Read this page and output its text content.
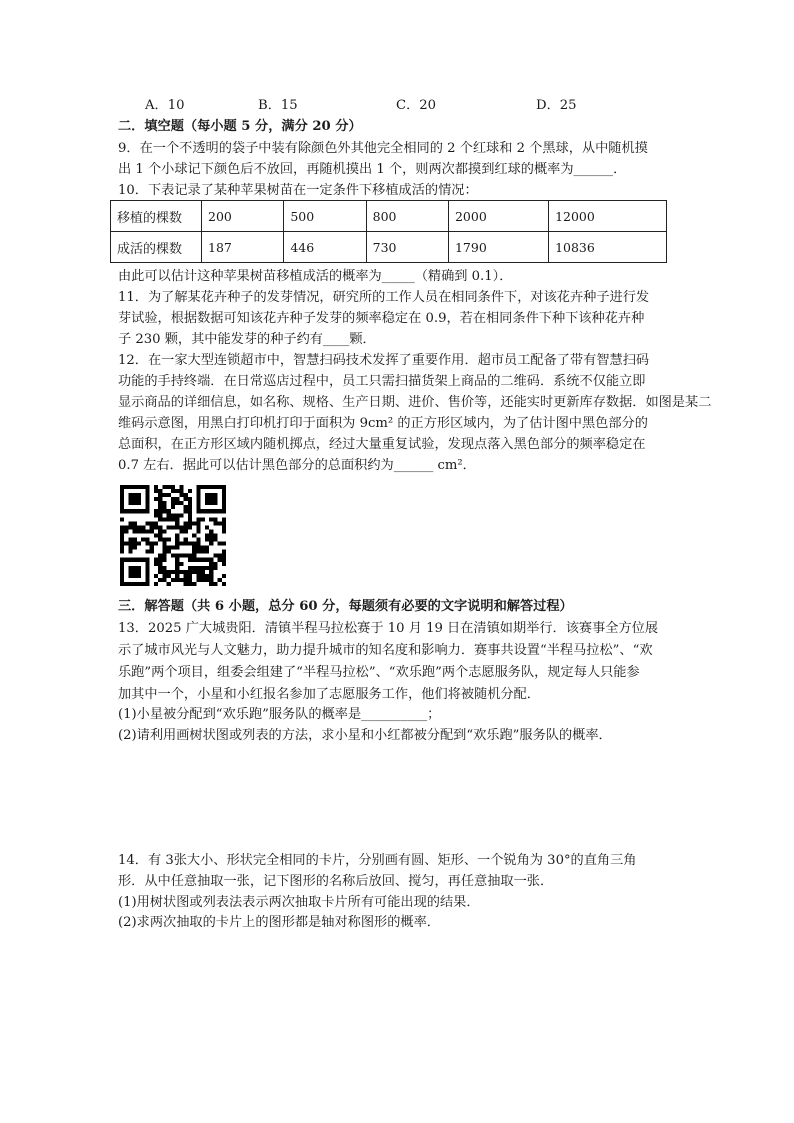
A．10	B．15	C．20	D．25
二．填空题（每小题 5 分，满分 20 分）
9．在一个不透明的袋子中装有除颜色外其他完全相同的 2 个红球和 2 个黑球，从中随机摸
出 1 个小球记下颜色后不放回，再随机摸出 1 个，则两次都摸到红球的概率为______．
10．下表记录了某种苹果树苗在一定条件下移植成活的情况：
移植的棵数	200	500	800	2000	12000
成活的棵数	187	446	730	1790	10836
由此可以估计这种苹果树苗移植成活的概率为_____（精确到 0.1）．
11．为了解某花卉种子的发芽情况，研究所的工作人员在相同条件下，对该花卉种子进行发
芽试验，根据数据可知该花卉种子发芽的频率稳定在 0.9，若在相同条件下种下该种花卉种
子 230 颗，其中能发芽的种子约有____颗．
12．在一家大型连锁超市中，智慧扫码技术发挥了重要作用．超市员工配备了带有智慧扫码
功能的手持终端．在日常巡店过程中，员工只需扫描货架上商品的二维码．系统不仅能立即
显示商品的详细信息，如名称、规格、生产日期、进价、售价等，还能实时更新库存数据．如图是某二
维码示意图，用黑白打印机打印于面积为 9cm² 的正方形区域内，为了估计图中黑色部分的
总面积，在正方形区域内随机掷点，经过大量重复试验，发现点落入黑色部分的频率稳定在
0.7 左右．据此可以估计黑色部分的总面积约为______ cm²．
三．解答题（共 6 小题，总分 60 分，每题须有必要的文字说明和解答过程）
13．2025 广大城贵阳．清镇半程马拉松赛于 10 月 19 日在清镇如期举行．该赛事全方位展
示了城市风光与人文魅力，助力提升城市的知名度和影响力．赛事共设置“半程马拉松”、“欢
乐跑”两个项目，组委会组建了“半程马拉松”、“欢乐跑”两个志愿服务队，规定每人只能参
加其中一个，小星和小红报名参加了志愿服务工作，他们将被随机分配．
(1)小星被分配到“欢乐跑”服务队的概率是__________；
(2)请利用画树状图或列表的方法，求小星和小红都被分配到“欢乐跑”服务队的概率．
14．有 3张大小、形状完全相同的卡片，分别画有圆、矩形、一个锐角为 30°的直角三角
形．从中任意抽取一张，记下图形的名称后放回、搅匀，再任意抽取一张．
(1)用树状图或列表法表示两次抽取卡片所有可能出现的结果．
(2)求两次抽取的卡片上的图形都是轴对称图形的概率．
